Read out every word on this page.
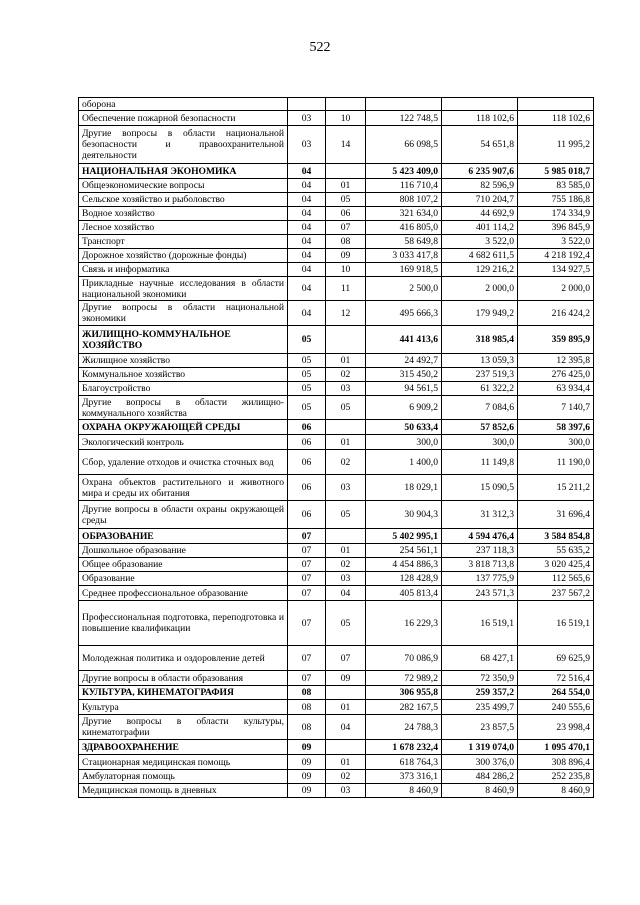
522
оборона					
Обеспечение пожарной безопасности	03	10	122 748,5	118 102,6	118 102,6
Другие вопросы в области национальной безопасности и правоохранительной деятельности	03	14	66 098,5	54 651,8	11 995,2
НАЦИОНАЛЬНАЯ ЭКОНОМИКА	04		5 423 409,0	6 235 907,6	5 985 018,7
Общеэкономические вопросы	04	01	116 710,4	82 596,9	83 585,0
Сельское хозяйство и рыболовство	04	05	808 107,2	710 204,7	755 186,8
Водное хозяйство	04	06	321 634,0	44 692,9	174 334,9
Лесное хозяйство	04	07	416 805,0	401 114,2	396 845,9
Транспорт	04	08	58 649,8	3 522,0	3 522,0
Дорожное хозяйство (дорожные фонды)	04	09	3 033 417,8	4 682 611,5	4 218 192,4
Связь и информатика	04	10	169 918,5	129 216,2	134 927,5
Прикладные научные исследования в области национальной экономики	04	11	2 500,0	2 000,0	2 000,0
Другие вопросы в области национальной экономики	04	12	495 666,3	179 949,2	216 424,2
ЖИЛИЩНО-КОММУНАЛЬНОЕ ХОЗЯЙСТВО	05		441 413,6	318 985,4	359 895,9
Жилищное хозяйство	05	01	24 492,7	13 059,3	12 395,8
Коммунальное хозяйство	05	02	315 450,2	237 519,3	276 425,0
Благоустройство	05	03	94 561,5	61 322,2	63 934,4
Другие вопросы в области жилищно-коммунального хозяйства	05	05	6 909,2	7 084,6	7 140,7
ОХРАНА ОКРУЖАЮЩЕЙ СРЕДЫ	06		50 633,4	57 852,6	58 397,6
Экологический контроль	06	01	300,0	300,0	300,0
Сбор, удаление отходов и очистка сточных вод	06	02	1 400,0	11 149,8	11 190,0
Охрана объектов растительного и животного мира и среды их обитания	06	03	18 029,1	15 090,5	15 211,2
Другие вопросы в области охраны окружающей среды	06	05	30 904,3	31 312,3	31 696,4
ОБРАЗОВАНИЕ	07		5 402 995,1	4 594 476,4	3 584 854,8
Дошкольное образование	07	01	254 561,1	237 118,3	55 635,2
Общее образование	07	02	4 454 886,3	3 818 713,8	3 020 425,4
Образование	07	03	128 428,9	137 775,9	112 565,6
Среднее профессиональное образование	07	04	405 813,4	243 571,3	237 567,2
Профессиональная подготовка, переподготовка и повышение квалификации	07	05	16 229,3	16 519,1	16 519,1
Молодежная политика и оздоровление детей	07	07	70 086,9	68 427,1	69 625,9
Другие вопросы в области образования	07	09	72 989,2	72 350,9	72 516,4
КУЛЬТУРА, КИНЕМАТОГРАФИЯ	08		306 955,8	259 357,2	264 554,0
Культура	08	01	282 167,5	235 499,7	240 555,6
Другие вопросы в области культуры, кинематографии	08	04	24 788,3	23 857,5	23 998,4
ЗДРАВООХРАНЕНИЕ	09		1 678 232,4	1 319 074,0	1 095 470,1
Стационарная медицинская помощь	09	01	618 764,3	300 376,0	308 896,4
Амбулаторная помощь	09	02	373 316,1	484 286,2	252 235,8
Медицинская помощь в дневных	09	03	8 460,9	8 460,9	8 460,9
